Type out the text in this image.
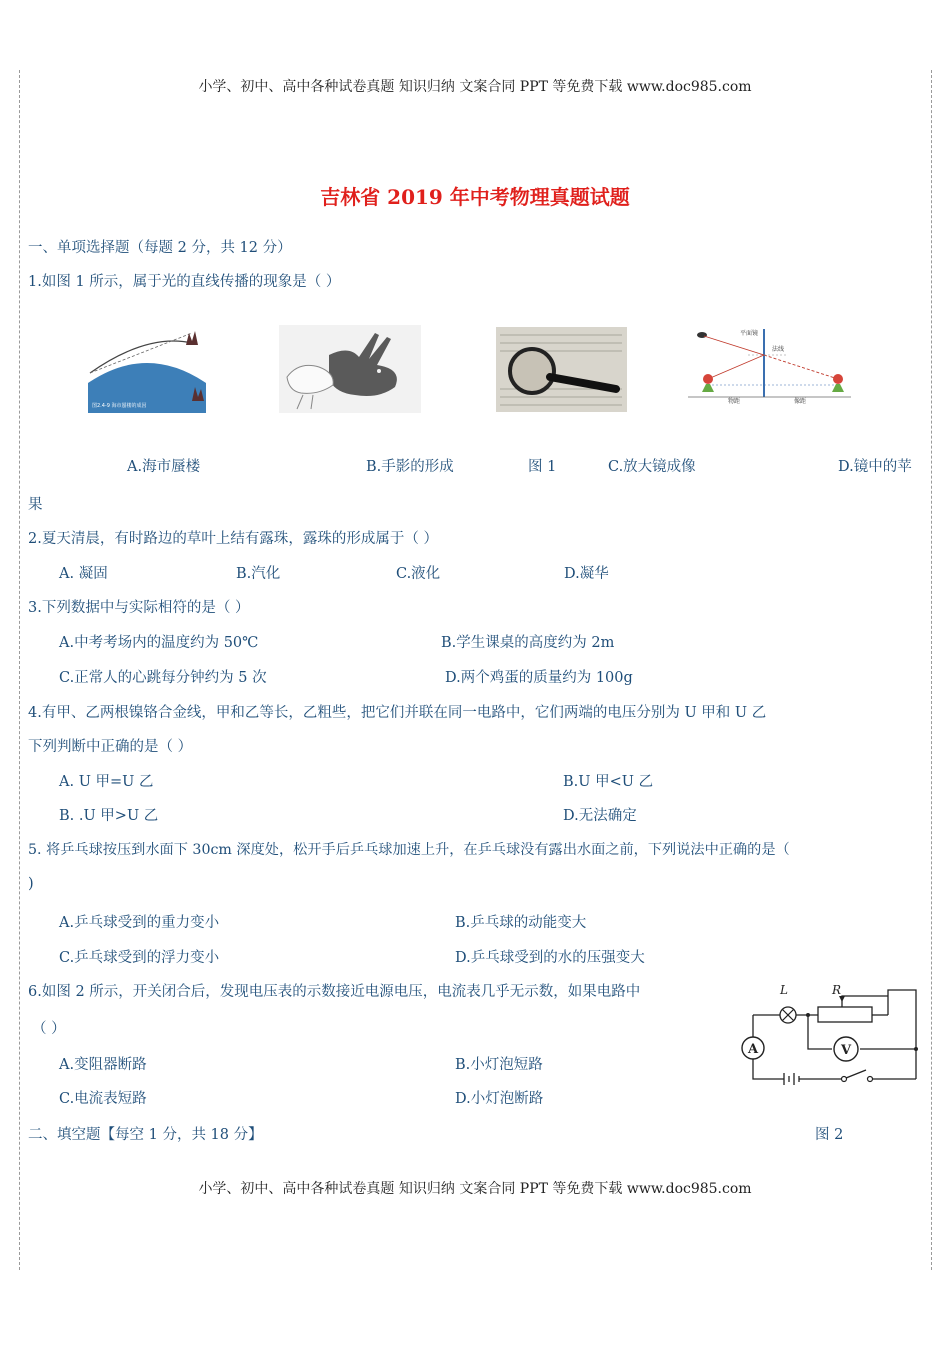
小学、初中、高中各种试卷真题 知识归纳 文案合同 PPT 等免费下载 www.doc985.com
吉林省 2019 年中考物理真题试题
一、单项选择题（每题 2 分，共 12 分）
1.如图 1 所示，属于光的直线传播的现象是（ ）
图2.4-9 海市蜃楼的成因
平面镜
法线
物距	像距
A.海市蜃楼	B.手影的形成	图 1	C.放大镜成像	D.镜中的苹
果
2.夏天清晨，有时路边的草叶上结有露珠，露珠的形成属于（ ）
A. 凝固	B.汽化	C.液化	D.凝华
3.下列数据中与实际相符的是（ ）
A.中考考场内的温度约为 50℃	B.学生课桌的高度约为 2m
C.正常人的心跳每分钟约为 5 次	D.两个鸡蛋的质量约为 100g
4.有甲、乙两根镍铬合金线，甲和乙等长，乙粗些，把它们并联在同一电路中，它们两端的电压分别为 U 甲和 U 乙
下列判断中正确的是（ ）
A. U 甲=U 乙	B.U 甲<U 乙
B. .U 甲>U 乙	D.无法确定
5. 将乒乓球按压到水面下 30cm 深度处，松开手后乒乓球加速上升，在乒乓球没有露出水面之前，下列说法中正确的是（
)
A.乒乓球受到的重力变小	B.乒乓球的动能变大
C.乒乓球受到的浮力变小	D.乒乓球受到的水的压强变大
6.如图 2 所示，开关闭合后，发现电压表的示数接近电源电压，电流表几乎无示数，如果电路中
（ ）
A.变阻器断路	B.小灯泡短路
C.电流表短路	D.小灯泡断路
A	V
L	R
二、填空题【每空 1 分，共 18 分】	图 2
小学、初中、高中各种试卷真题 知识归纳 文案合同 PPT 等免费下载 www.doc985.com
